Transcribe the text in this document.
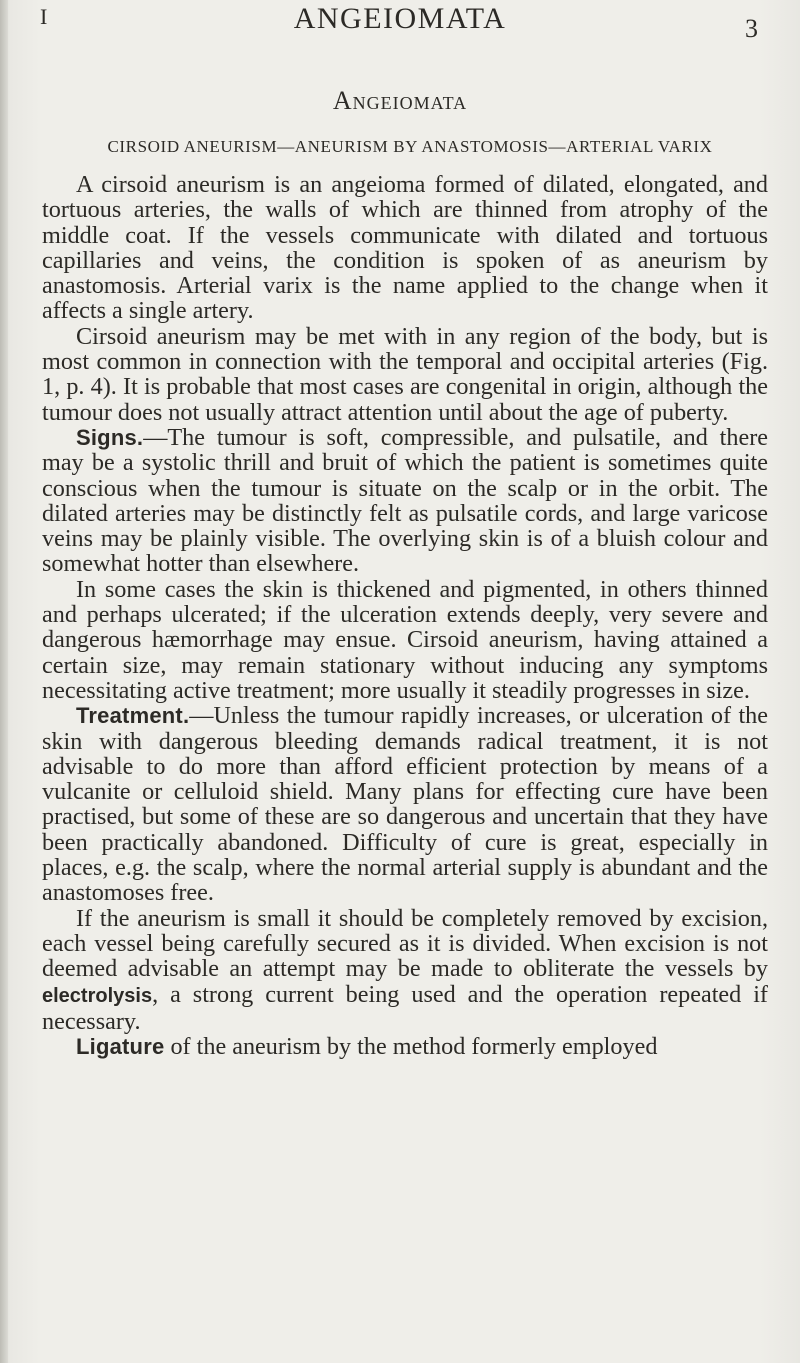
I	ANGEIOMATA	3
Angeiomata
CIRSOID ANEURISM—ANEURISM BY ANASTOMOSIS—ARTERIAL VARIX

A cirsoid aneurism is an angeioma formed of dilated, elongated, and tortuous arteries, the walls of which are thinned from atrophy of the middle coat. If the vessels communicate with dilated and tortuous capillaries and veins, the condition is spoken of as aneurism by anastomosis. Arterial varix is the name applied to the change when it affects a single artery.

Cirsoid aneurism may be met with in any region of the body, but is most common in connection with the temporal and occipital arteries (Fig. 1, p. 4). It is probable that most cases are congenital in origin, although the tumour does not usually attract attention until about the age of puberty.

Signs.—The tumour is soft, compressible, and pulsatile, and there may be a systolic thrill and bruit of which the patient is sometimes quite conscious when the tumour is situate on the scalp or in the orbit. The dilated arteries may be distinctly felt as pulsatile cords, and large varicose veins may be plainly visible. The overlying skin is of a bluish colour and somewhat hotter than elsewhere.

In some cases the skin is thickened and pigmented, in others thinned and perhaps ulcerated; if the ulceration extends deeply, very severe and dangerous hæmorrhage may ensue. Cirsoid aneurism, having attained a certain size, may remain stationary without inducing any symptoms necessitating active treatment; more usually it steadily progresses in size.

Treatment.—Unless the tumour rapidly increases, or ulceration of the skin with dangerous bleeding demands radical treatment, it is not advisable to do more than afford efficient protection by means of a vulcanite or celluloid shield. Many plans for effecting cure have been practised, but some of these are so dangerous and uncertain that they have been practically abandoned. Difficulty of cure is great, especially in places, e.g. the scalp, where the normal arterial supply is abundant and the anastomoses free.

If the aneurism is small it should be completely removed by excision, each vessel being carefully secured as it is divided. When excision is not deemed advisable an attempt may be made to obliterate the vessels by electrolysis, a strong current being used and the operation repeated if necessary.

Ligature of the aneurism by the method formerly employed
